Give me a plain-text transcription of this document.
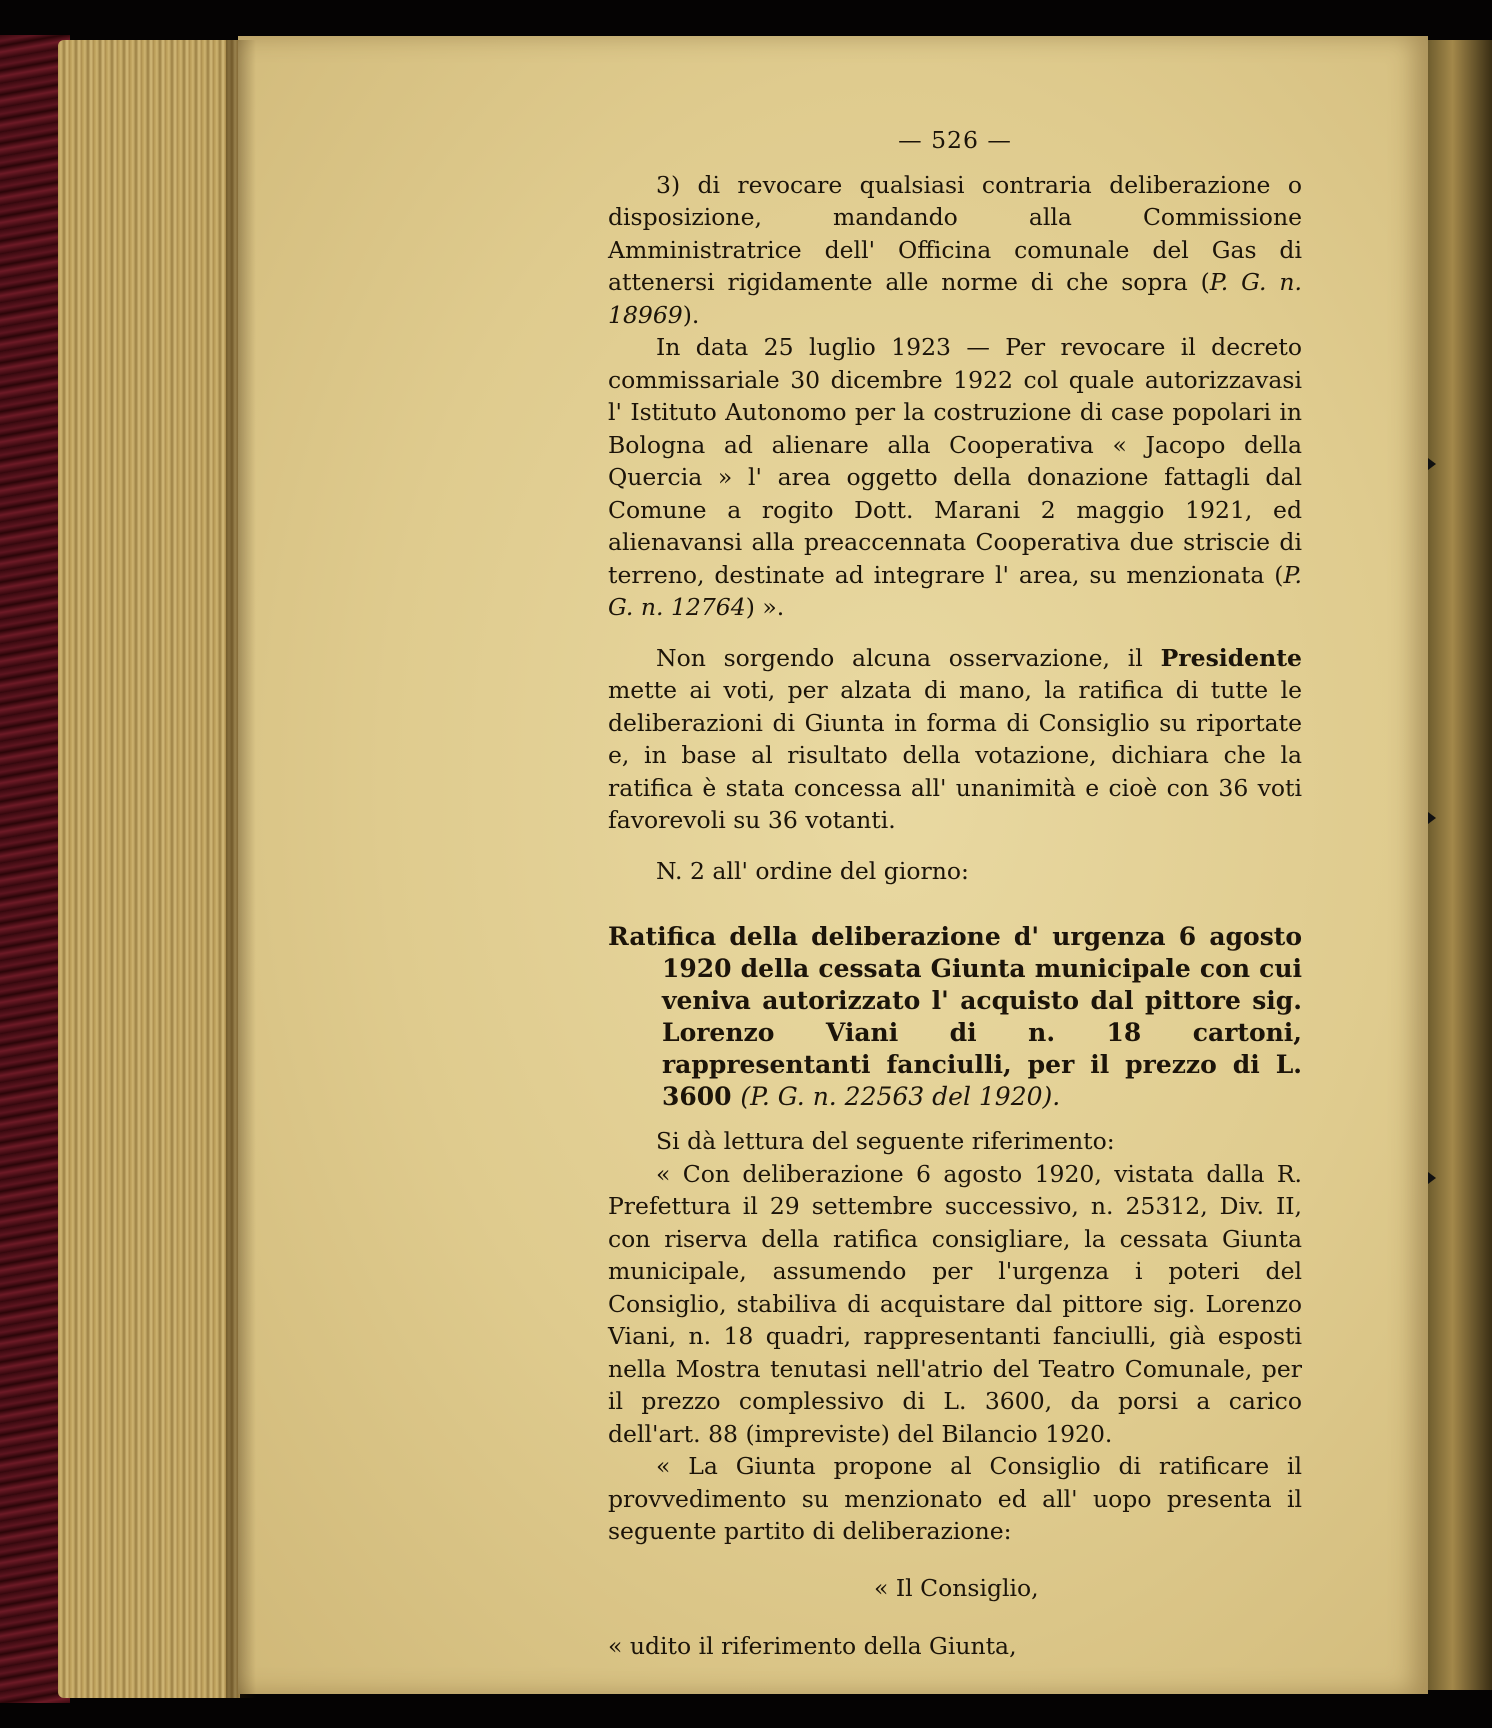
— 526 —

3) di revocare qualsiasi contraria deliberazione o disposizione, mandando alla Commissione Amministratrice dell' Officina comunale del Gas di attenersi rigidamente alle norme di che sopra (P. G. n. 18969).

In data 25 luglio 1923 — Per revocare il decreto commissariale 30 dicembre 1922 col quale autorizzavasi l' Istituto Autonomo per la costruzione di case popolari in Bologna ad alienare alla Cooperativa « Jacopo della Quercia » l' area oggetto della donazione fattagli dal Comune a rogito Dott. Marani 2 maggio 1921, ed alienavansi alla preaccennata Cooperativa due striscie di terreno, destinate ad integrare l' area, su menzionata (P. G. n. 12764) ».

Non sorgendo alcuna osservazione, il Presidente mette ai voti, per alzata di mano, la ratifica di tutte le deliberazioni di Giunta in forma di Consiglio su riportate e, in base al risultato della votazione, dichiara che la ratifica è stata concessa all' unanimità e cioè con 36 voti favorevoli su 36 votanti.

N. 2 all' ordine del giorno:

Ratifica della deliberazione d' urgenza 6 agosto 1920 della cessata Giunta municipale con cui veniva autorizzato l' acquisto dal pittore sig. Lorenzo Viani di n. 18 cartoni, rappresentanti fanciulli, per il prezzo di L. 3600 (P. G. n. 22563 del 1920).

Si dà lettura del seguente riferimento:

« Con deliberazione 6 agosto 1920, vistata dalla R. Prefettura il 29 settembre successivo, n. 25312, Div. II, con riserva della ratifica consigliare, la cessata Giunta municipale, assumendo per l'urgenza i poteri del Consiglio, stabiliva di acquistare dal pittore sig. Lorenzo Viani, n. 18 quadri, rappresentanti fanciulli, già esposti nella Mostra tenutasi nell'atrio del Teatro Comunale, per il prezzo complessivo di L. 3600, da porsi a carico dell'art. 88 (impreviste) del Bilancio 1920.

« La Giunta propone al Consiglio di ratificare il provvedimento su menzionato ed all' uopo presenta il seguente partito di deliberazione:

« Il Consiglio,

« udito il riferimento della Giunta,
